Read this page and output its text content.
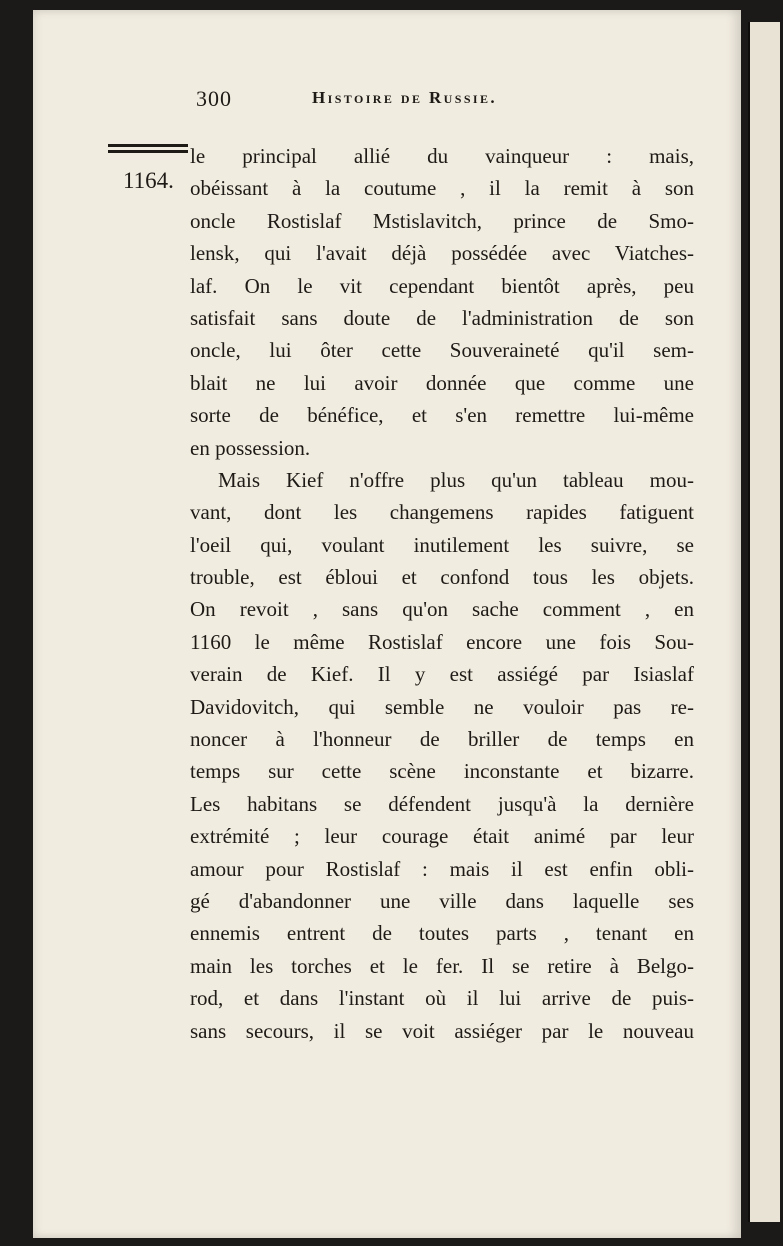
300	Histoire de Russie.
1164.
le principal allié du vainqueur : mais,
obéissant à la coutume , il la remit à son
oncle Rostislaf Mstislavitch, prince de Smo-
lensk, qui l'avait déjà possédée avec Viatches-
laf. On le vit cependant bientôt après, peu
satisfait sans doute de l'administration de son
oncle, lui ôter cette Souveraineté qu'il sem-
blait ne lui avoir donnée que comme une
sorte de bénéfice, et s'en remettre lui-même
en possession.
Mais Kief n'offre plus qu'un tableau mou-
vant, dont les changemens rapides fatiguent
l'oeil qui, voulant inutilement les suivre, se
trouble, est ébloui et confond tous les objets.
On revoit , sans qu'on sache comment , en
1160 le même Rostislaf encore une fois Sou-
verain de Kief. Il y est assiégé par Isiaslaf
Davidovitch, qui semble ne vouloir pas re-
noncer à l'honneur de briller de temps en
temps sur cette scène inconstante et bizarre.
Les habitans se défendent jusqu'à la dernière
extrémité ; leur courage était animé par leur
amour pour Rostislaf : mais il est enfin obli-
gé d'abandonner une ville dans laquelle ses
ennemis entrent de toutes parts , tenant en
main les torches et le fer. Il se retire à Belgo-
rod, et dans l'instant où il lui arrive de puis-
sans secours, il se voit assiéger par le nouveau
